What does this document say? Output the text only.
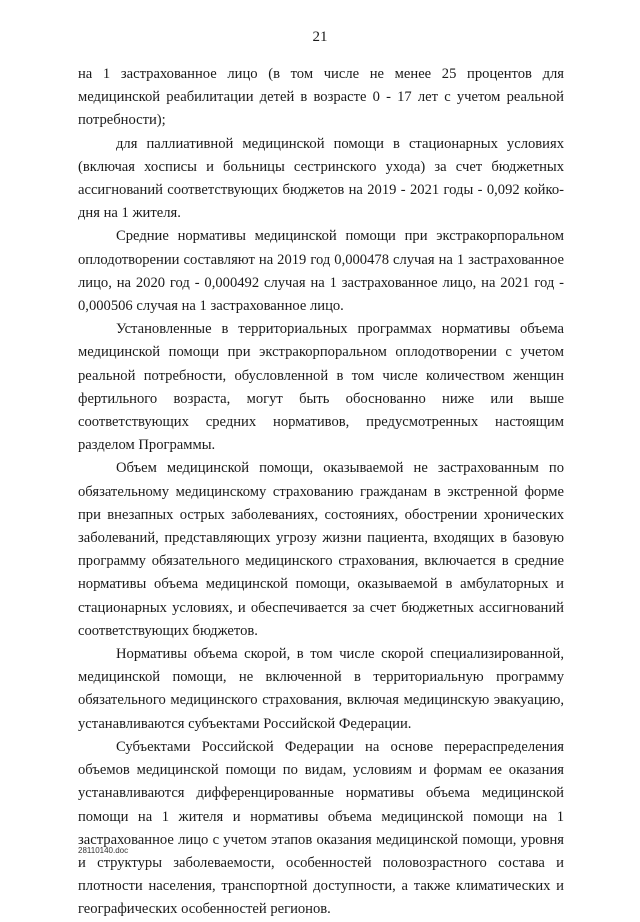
21

на 1 застрахованное лицо (в том числе не менее 25 процентов для медицинской реабилитации детей в возрасте 0 - 17 лет с учетом реальной потребности);

для паллиативной медицинской помощи в стационарных условиях (включая хосписы и больницы сестринского ухода) за счет бюджетных ассигнований соответствующих бюджетов на 2019 - 2021 годы - 0,092 койко-дня на 1 жителя.

Средние нормативы медицинской помощи при экстракорпоральном оплодотворении составляют на 2019 год 0,000478 случая на 1 застрахованное лицо, на 2020 год - 0,000492 случая на 1 застрахованное лицо, на 2021 год - 0,000506 случая на 1 застрахованное лицо.

Установленные в территориальных программах нормативы объема медицинской помощи при экстракорпоральном оплодотворении с учетом реальной потребности, обусловленной в том числе количеством женщин фертильного возраста, могут быть обоснованно ниже или выше соответствующих средних нормативов, предусмотренных настоящим разделом Программы.

Объем медицинской помощи, оказываемой не застрахованным по обязательному медицинскому страхованию гражданам в экстренной форме при внезапных острых заболеваниях, состояниях, обострении хронических заболеваний, представляющих угрозу жизни пациента, входящих в базовую программу обязательного медицинского страхования, включается в средние нормативы объема медицинской помощи, оказываемой в амбулаторных и стационарных условиях, и обеспечивается за счет бюджетных ассигнований соответствующих бюджетов.

Нормативы объема скорой, в том числе скорой специализированной, медицинской помощи, не включенной в территориальную программу обязательного медицинского страхования, включая медицинскую эвакуацию, устанавливаются субъектами Российской Федерации.

Субъектами Российской Федерации на основе перераспределения объемов медицинской помощи по видам, условиям и формам ее оказания устанавливаются дифференцированные нормативы объема медицинской помощи на 1 жителя и нормативы объема медицинской помощи на 1 застрахованное лицо с учетом этапов оказания медицинской помощи, уровня и структуры заболеваемости, особенностей половозрастного состава и плотности населения, транспортной доступности, а также климатических и географических особенностей регионов.

28110140.doc
